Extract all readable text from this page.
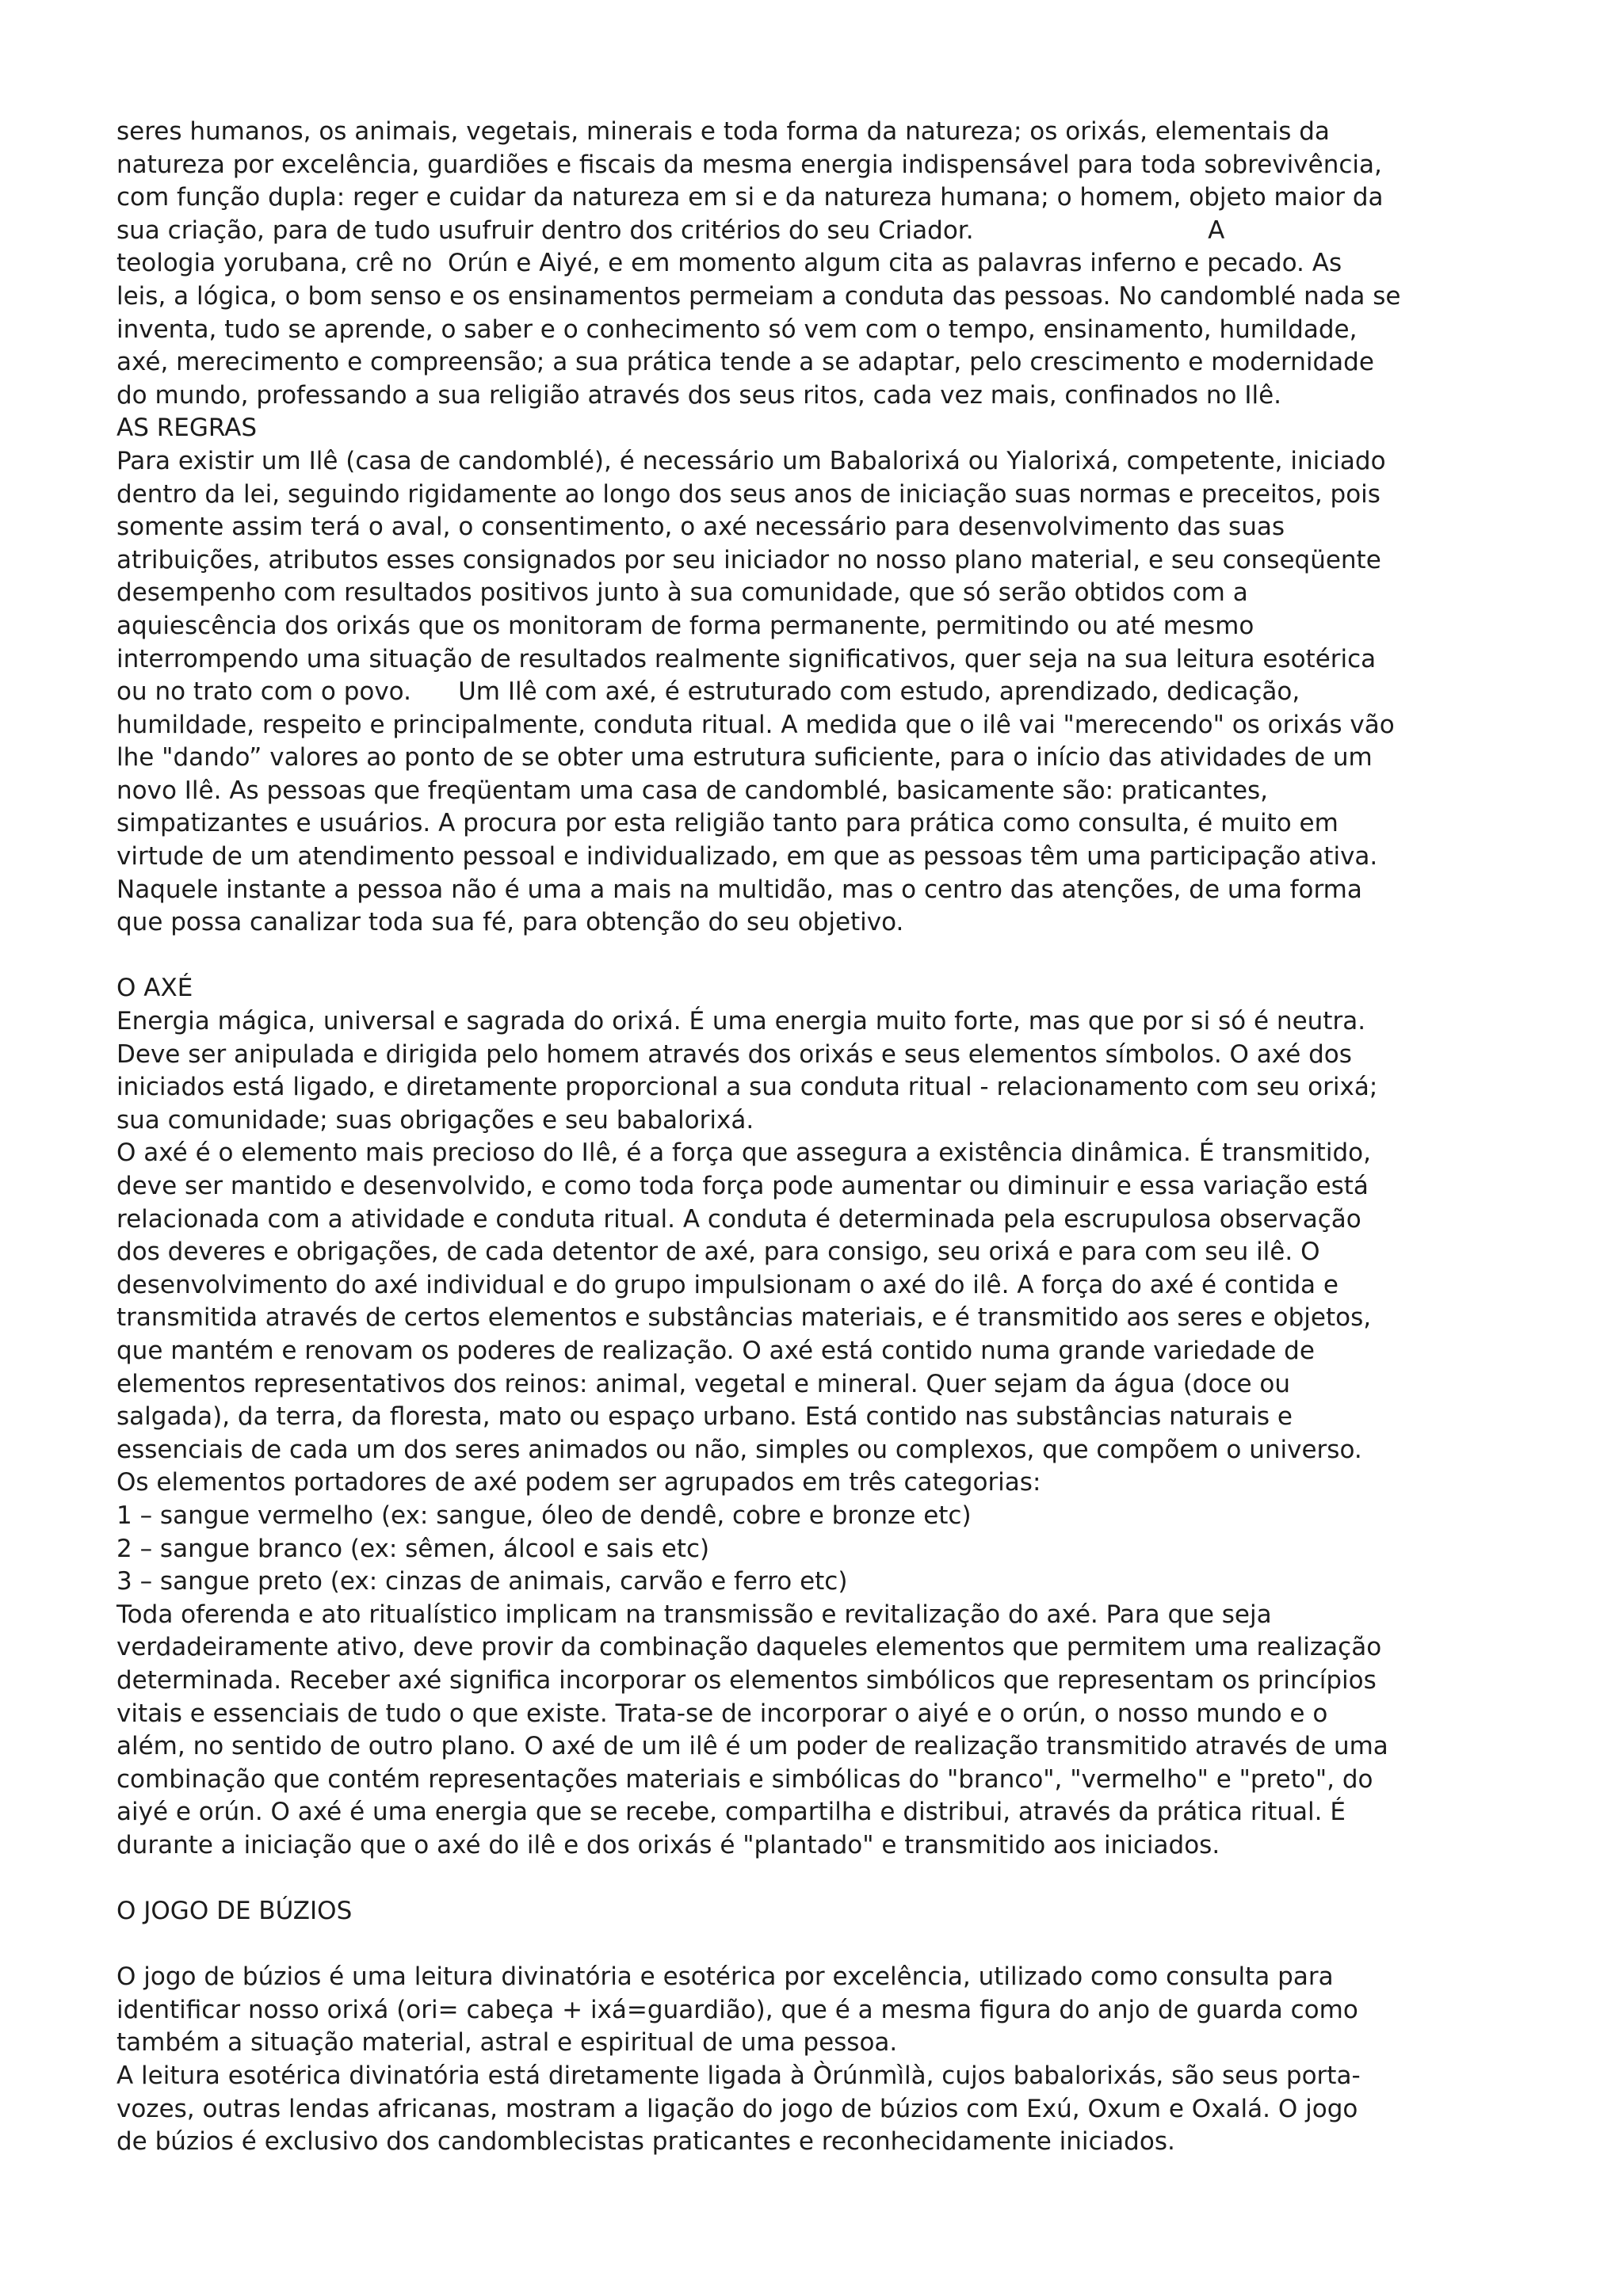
seres humanos, os animais, vegetais, minerais e toda forma da natureza; os orixás, elementais da
natureza por excelência, guardiões e fiscais da mesma energia indispensável para toda sobrevivência,
com função dupla: reger e cuidar da natureza em si e da natureza humana; o homem, objeto maior da
sua criação, para de tudo usufruir dentro dos critérios do seu Criador.                              A
teologia yorubana, crê no  Orún e Aiyé, e em momento algum cita as palavras inferno e pecado. As
leis, a lógica, o bom senso e os ensinamentos permeiam a conduta das pessoas. No candomblé nada se
inventa, tudo se aprende, o saber e o conhecimento só vem com o tempo, ensinamento, humildade,
axé, merecimento e compreensão; a sua prática tende a se adaptar, pelo crescimento e modernidade
do mundo, professando a sua religião através dos seus ritos, cada vez mais, confinados no Ilê.
AS REGRAS
Para existir um Ilê (casa de candomblé), é necessário um Babalorixá ou Yialorixá, competente, iniciado
dentro da lei, seguindo rigidamente ao longo dos seus anos de iniciação suas normas e preceitos, pois
somente assim terá o aval, o consentimento, o axé necessário para desenvolvimento das suas
atribuições, atributos esses consignados por seu iniciador no nosso plano material, e seu conseqüente
desempenho com resultados positivos junto à sua comunidade, que só serão obtidos com a
aquiescência dos orixás que os monitoram de forma permanente, permitindo ou até mesmo
interrompendo uma situação de resultados realmente significativos, quer seja na sua leitura esotérica
ou no trato com o povo.      Um Ilê com axé, é estruturado com estudo, aprendizado, dedicação,
humildade, respeito e principalmente, conduta ritual. A medida que o ilê vai "merecendo" os orixás vão
lhe "dando” valores ao ponto de se obter uma estrutura suficiente, para o início das atividades de um
novo Ilê. As pessoas que freqüentam uma casa de candomblé, basicamente são: praticantes,
simpatizantes e usuários. A procura por esta religião tanto para prática como consulta, é muito em
virtude de um atendimento pessoal e individualizado, em que as pessoas têm uma participação ativa.
Naquele instante a pessoa não é uma a mais na multidão, mas o centro das atenções, de uma forma
que possa canalizar toda sua fé, para obtenção do seu objetivo.
O AXÉ
Energia mágica, universal e sagrada do orixá. É uma energia muito forte, mas que por si só é neutra.
Deve ser anipulada e dirigida pelo homem através dos orixás e seus elementos símbolos. O axé dos
iniciados está ligado, e diretamente proporcional a sua conduta ritual - relacionamento com seu orixá;
sua comunidade; suas obrigações e seu babalorixá.
O axé é o elemento mais precioso do Ilê, é a força que assegura a existência dinâmica. É transmitido,
deve ser mantido e desenvolvido, e como toda força pode aumentar ou diminuir e essa variação está
relacionada com a atividade e conduta ritual. A conduta é determinada pela escrupulosa observação
dos deveres e obrigações, de cada detentor de axé, para consigo, seu orixá e para com seu ilê. O
desenvolvimento do axé individual e do grupo impulsionam o axé do ilê. A força do axé é contida e
transmitida através de certos elementos e substâncias materiais, e é transmitido aos seres e objetos,
que mantém e renovam os poderes de realização. O axé está contido numa grande variedade de
elementos representativos dos reinos: animal, vegetal e mineral. Quer sejam da água (doce ou
salgada), da terra, da floresta, mato ou espaço urbano. Está contido nas substâncias naturais e
essenciais de cada um dos seres animados ou não, simples ou complexos, que compõem o universo.
Os elementos portadores de axé podem ser agrupados em três categorias:
1 – sangue vermelho (ex: sangue, óleo de dendê, cobre e bronze etc)
2 – sangue branco (ex: sêmen, álcool e sais etc)
3 – sangue preto (ex: cinzas de animais, carvão e ferro etc)
Toda oferenda e ato ritualístico implicam na transmissão e revitalização do axé. Para que seja
verdadeiramente ativo, deve provir da combinação daqueles elementos que permitem uma realização
determinada. Receber axé significa incorporar os elementos simbólicos que representam os princípios
vitais e essenciais de tudo o que existe. Trata-se de incorporar o aiyé e o orún, o nosso mundo e o
além, no sentido de outro plano. O axé de um ilê é um poder de realização transmitido através de uma
combinação que contém representações materiais e simbólicas do "branco", "vermelho" e "preto", do
aiyé e orún. O axé é uma energia que se recebe, compartilha e distribui, através da prática ritual. É
durante a iniciação que o axé do ilê e dos orixás é "plantado" e transmitido aos iniciados.
O JOGO DE BÚZIOS
O jogo de búzios é uma leitura divinatória e esotérica por excelência, utilizado como consulta para
identificar nosso orixá (ori= cabeça + ixá=guardião), que é a mesma figura do anjo de guarda como
também a situação material, astral e espiritual de uma pessoa.
A leitura esotérica divinatória está diretamente ligada à Òrúnmìlà, cujos babalorixás, são seus porta-
vozes, outras lendas africanas, mostram a ligação do jogo de búzios com Exú, Oxum e Oxalá. O jogo
de búzios é exclusivo dos candomblecistas praticantes e reconhecidamente iniciados.
